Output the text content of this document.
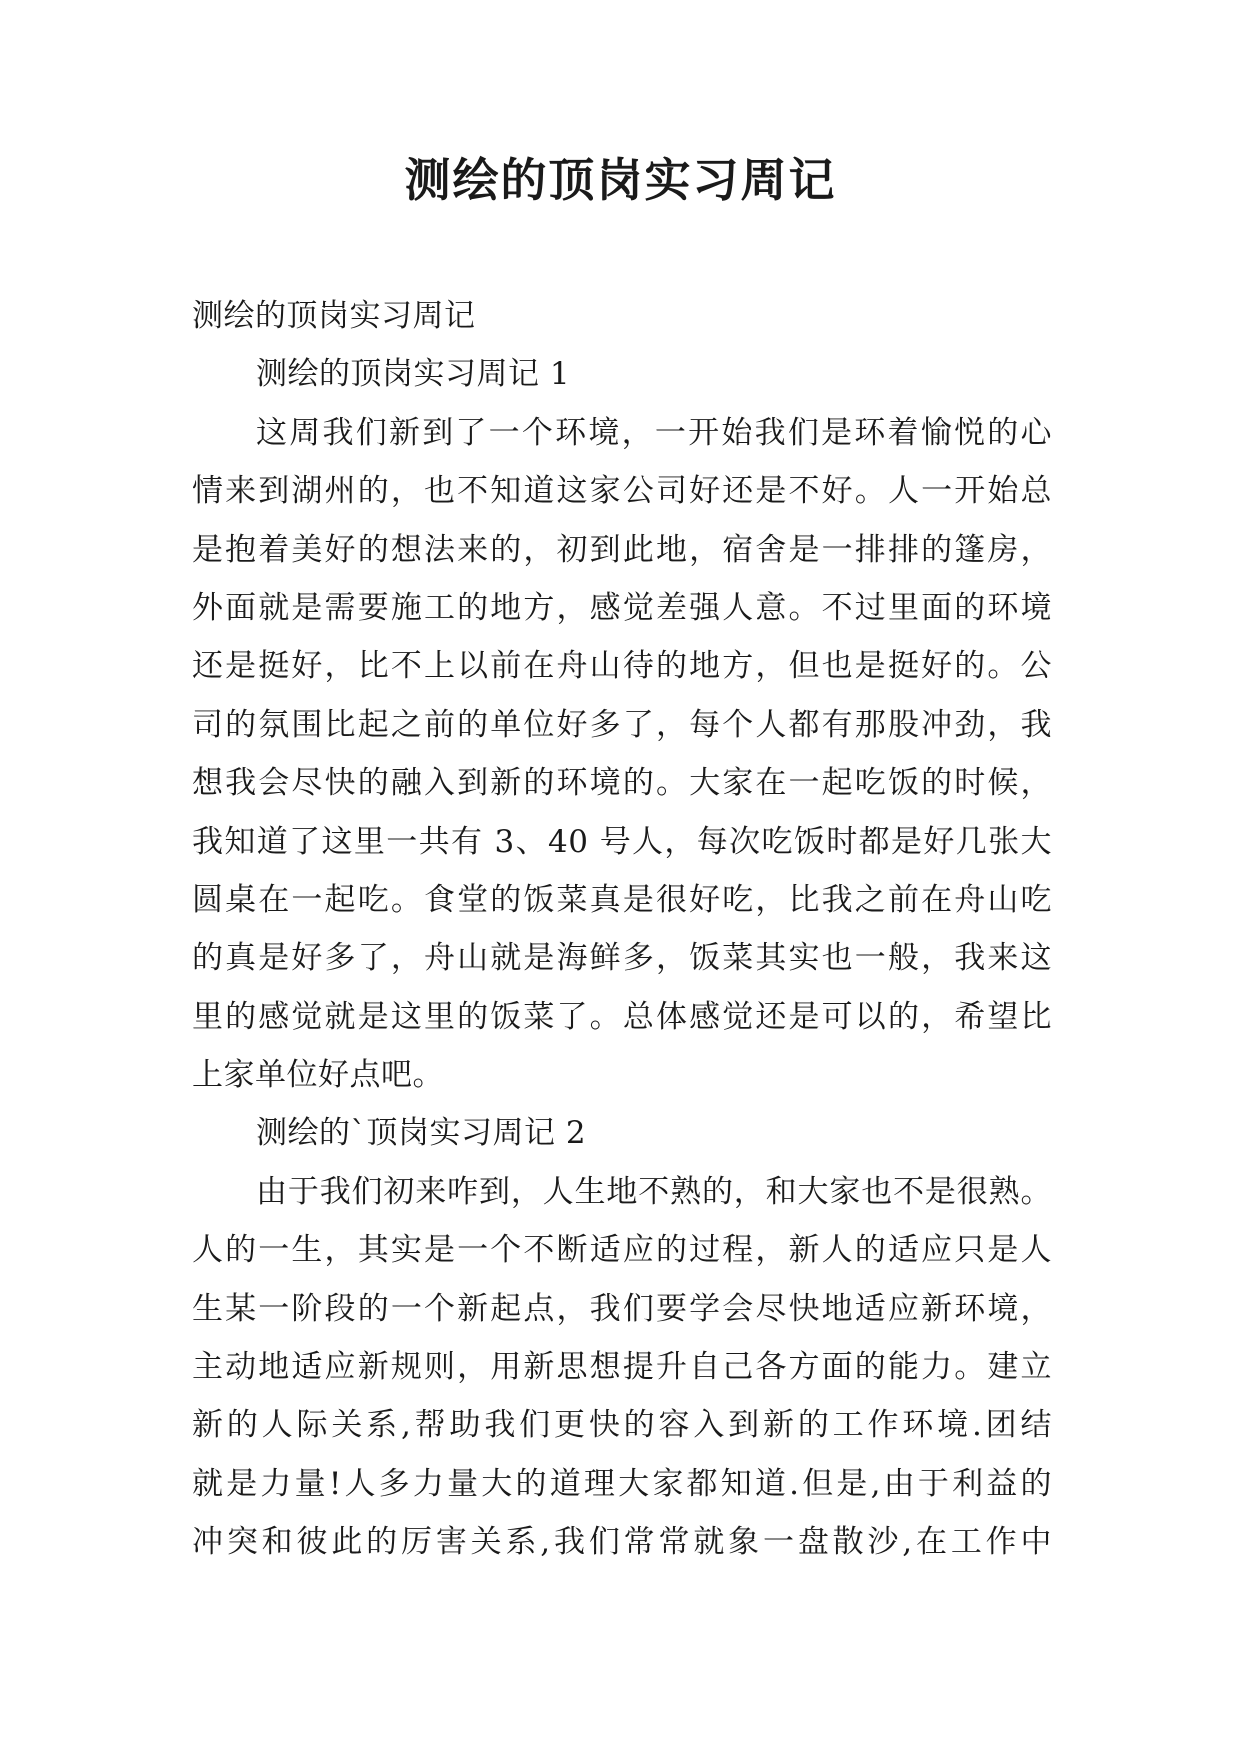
测绘的顶岗实习周记
测绘的顶岗实习周记
测绘的顶岗实习周记 1
这周我们新到了一个环境，一开始我们是环着愉悦的心
情来到湖州的，也不知道这家公司好还是不好。人一开始总
是抱着美好的想法来的，初到此地，宿舍是一排排的篷房，
外面就是需要施工的地方，感觉差强人意。不过里面的环境
还是挺好，比不上以前在舟山待的地方，但也是挺好的。公
司的氛围比起之前的单位好多了，每个人都有那股冲劲，我
想我会尽快的融入到新的环境的。大家在一起吃饭的时候，
我知道了这里一共有 3、40 号人，每次吃饭时都是好几张大
圆桌在一起吃。食堂的饭菜真是很好吃，比我之前在舟山吃
的真是好多了，舟山就是海鲜多，饭菜其实也一般，我来这
里的感觉就是这里的饭菜了。总体感觉还是可以的，希望比
上家单位好点吧。
测绘的`顶岗实习周记 2
由于我们初来咋到，人生地不熟的，和大家也不是很熟。
人的一生，其实是一个不断适应的过程，新人的适应只是人
生某一阶段的一个新起点，我们要学会尽快地适应新环境，
主动地适应新规则，用新思想提升自己各方面的能力。建立
新的人际关系,帮助我们更快的容入到新的工作环境.团结
就是力量!人多力量大的道理大家都知道.但是,由于利益的
冲突和彼此的厉害关系,我们常常就象一盘散沙,在工作中
